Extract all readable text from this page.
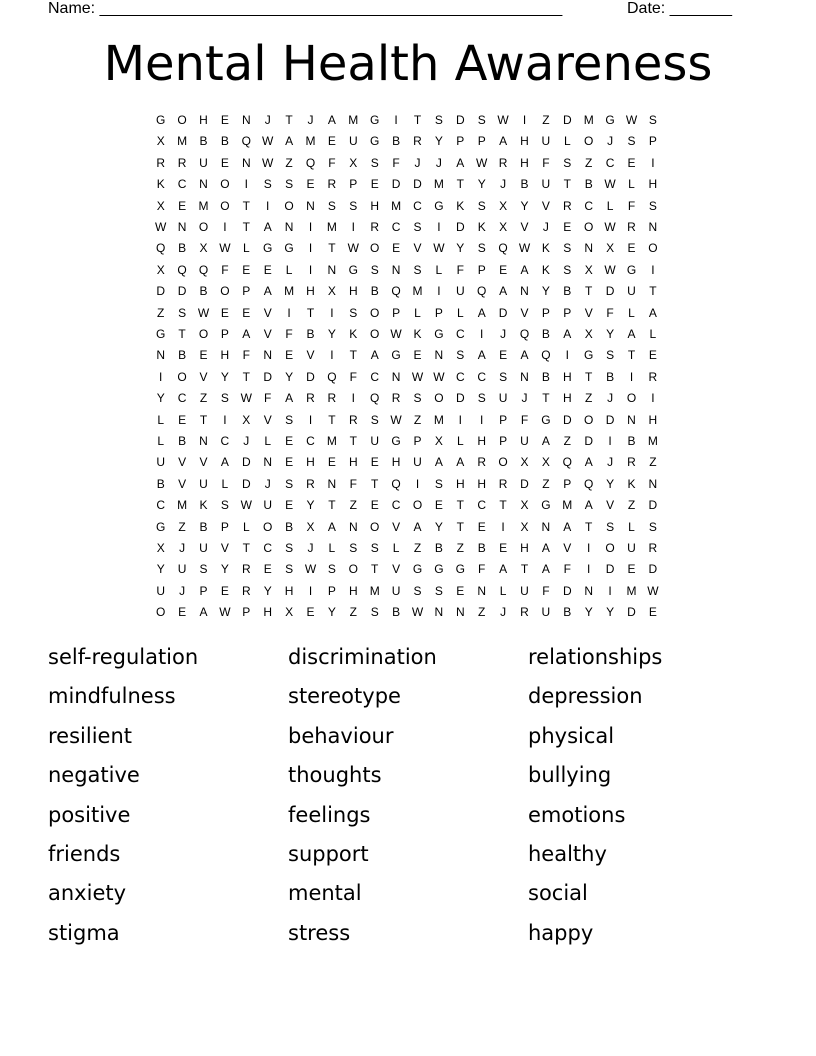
Name: ____________________________________________________	Date: _______
Mental Health Awareness
G	O	H	E	N	J	T	J	A	M G	I	T	S	D	S W	I	Z	D	M G W S
X	M	B	B	Q W A	M	E	U	G	B	R	Y	P	P	A	H	U	L	O	J	S	P
R	R	U	E	N W	Z	Q	F	X	S	F	J	J	A W R	H	F	S	Z	C	E	I
K	C	N	O	I	S	S	E	R	P	E	D	D	M	T	Y	J	B	U	T	B W	L	H
X	E	M O	T	I	O	N	S	S	H	M	C	G	K	S	X	Y	V	R	C	L	F	S
W N	O	I	T	A	N	I	M	I	R	C	S	I	D	K	X	V	J	E	O W R	N
Q	B	X W	L	G	G	I	T	W O	E	V W Y	S	Q W K	S	N	X	E	O
X	Q	Q	F	E	E	L	I	N	G	S	N	S	L	F	P	E	A	K	S	X W G	I
D	D	B	O	P	A	M	H	X	H	B	Q M	I	U	Q	A	N	Y	B	T	D	U	T
Z	S W E	E	V	I	T	I	S	O	P	L	P	L	A	D	V	P	P	V	F	L	A
G	T	O	P	A	V	F	B	Y	K	O W K	G	C	I	J	Q	B	A	X	Y	A	L
N	B	E	H	F	N	E	V	I	T	A	G	E	N	S	A	E	A	Q	I	G	S	T	E
I	O	V	Y	T	D	Y	D	Q	F	C	N W W C	C	S	N	B	H	T	B	I	R
Y	C	Z	S W	F	A	R	R	I	Q	R	S	O	D	S	U	J	T	H	Z	J	O	I
L	E	T	I	X	V	S	I	T	R	S W	Z	M	I	I	P	F	G	D	O	D	N	H
L	B	N	C	J	L	E	C	M	T	U	G	P	X	L	H	P	U	A	Z	D	I	B	M
U	V	V	A	D	N	E	H	E	H	E	H	U	A	A	R	O	X	X	Q	A	J	R	Z
B	V	U	L	D	J	S	R	N	F	T	Q	I	S	H	H	R	D	Z	P	Q	Y	K	N
C	M	K	S W U	E	Y	T	Z	E	C	O	E	T	C	T	X	G M	A	V	Z	D
G	Z	B	P	L	O	B	X	A	N	O	V	A	Y	T	E	I	X	N	A	T	S	L	S
X	J	U	V	T	C	S	J	L	S	S	L	Z	B	Z	B	E	H	A	V	I	O	U	R
Y	U	S	Y	R	E	S W S	O	T	V	G	G	G	F	A	T	A	F	I	D	E	D
U	J	P	E	R	Y	H	I	P	H	M	U	S	S	E	N	L	U	F	D	N	I	M W
O	E	A W P	H	X	E	Y	Z	S	B W N	N	Z	J	R	U	B	Y	Y	D	E
self-regulation	discrimination	relationships
mindfulness	stereotype	depression
resilient	behaviour	physical
negative	thoughts	bullying
positive	feelings	emotions
friends	support	healthy
anxiety	mental	social
stigma	stress	happy
